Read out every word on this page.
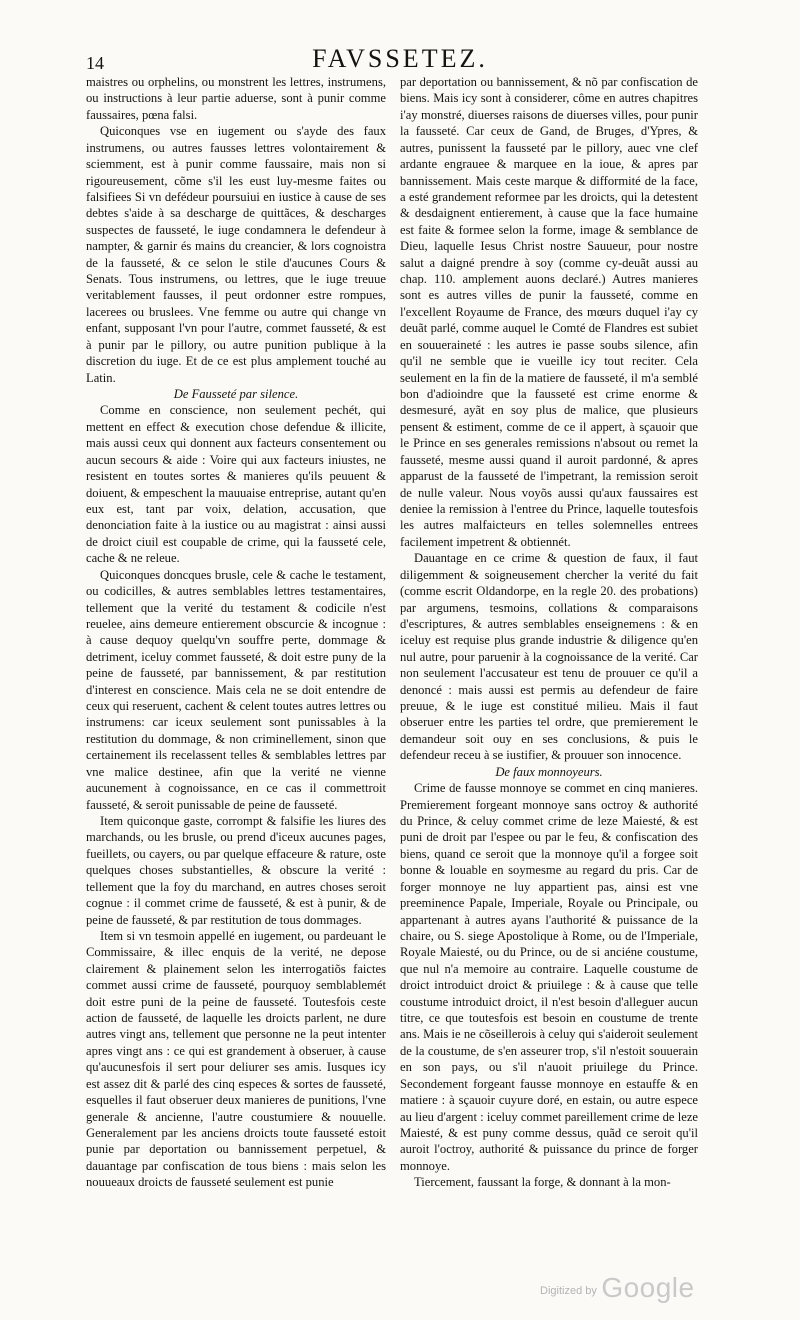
14	FAVSSETEZ.

maistres ou orphelins, ou monstrent les lettres, instrumens, ou instructions à leur partie aduerse, sont à punir comme faussaires, pœna falsi.

Quiconques vse en iugement ou s'ayde des faux instrumens, ou autres fausses lettres volontairement & sciemment, est à punir comme faussaire, mais non si rigoureusement, cõme s'il les eust luy-mesme faites ou falsifiees Si vn defédeur poursuiui en iustice à cause de ses debtes s'aide à sa descharge de quittãces, & descharges suspectes de fausseté, le iuge condamnera le defendeur à nampter, & garnir és mains du creancier, & lors cognoistra de la fausseté, & ce selon le stile d'aucunes Cours & Senats. Tous instrumens, ou lettres, que le iuge treuue veritablement fausses, il peut ordonner estre rompues, lacerees ou bruslees. Vne femme ou autre qui change vn enfant, supposant l'vn pour l'autre, commet fausseté, & est à punir par le pillory, ou autre punition publique à la discretion du iuge. Et de ce est plus amplement touché au Latin.

De Fausseté par silence.

Comme en conscience, non seulement pechét, qui mettent en effect & execution chose defendue & illicite, mais aussi ceux qui donnent aux facteurs consentement ou aucun secours & aide : Voire qui aux facteurs iniustes, ne resistent en toutes sortes & manieres qu'ils peuuent & doiuent, & empeschent la mauuaise entreprise, autant qu'en eux est, tant par voix, delation, accusation, que denonciation faite à la iustice ou au magistrat : ainsi aussi de droict ciuil est coupable de crime, qui la fausseté cele, cache & ne releue.

Quiconques doncques brusle, cele & cache le testament, ou codicilles, & autres semblables lettres testamentaires, tellement que la verité du testament & codicile n'est reuelee, ains demeure entierement obscurcie & incognue : à cause dequoy quelqu'vn souffre perte, dommage & detriment, iceluy commet fausseté, & doit estre puny de la peine de fausseté, par bannissement, & par restitution d'interest en conscience. Mais cela ne se doit entendre de ceux qui reseruent, cachent & celent toutes autres lettres ou instrumens: car iceux seulement sont punissables à la restitution du dommage, & non criminellement, sinon que certainement ils recelassent telles & semblables lettres par vne malice destinee, afin que la verité ne vienne aucunement à cognoissance, en ce cas il commettroit fausseté, & seroit punissable de peine de fausseté.

Item quiconque gaste, corrompt & falsifie les liures des marchands, ou les brusle, ou prend d'iceux aucunes pages, fueillets, ou cayers, ou par quelque effaceure & rature, oste quelques choses substantielles, & obscure la verité : tellement que la foy du marchand, en autres choses seroit cognue : il commet crime de fausseté, & est à punir, & de peine de fausseté, & par restitution de tous dommages.

Item si vn tesmoin appellé en iugement, ou pardeuant le Commissaire, & illec enquis de la verité, ne depose clairement & plainement selon les interrogatiõs faictes commet aussi crime de fausseté, pourquoy semblablemét doit estre puni de la peine de fausseté. Toutesfois ceste action de fausseté, de laquelle les droicts parlent, ne dure autres vingt ans, tellement que personne ne la peut intenter apres vingt ans : ce qui est grandement à obseruer, à cause qu'aucunesfois il sert pour deliurer ses amis. Iusques icy est assez dit & parlé des cinq especes & sortes de fausseté, esquelles il faut obseruer deux manieres de punitions, l'vne generale & ancienne, l'autre coustumiere & nouuelle. Generalement par les anciens droicts toute fausseté estoit punie par deportation ou bannissement perpetuel, & dauantage par confiscation de tous biens : mais selon les nouueaux droicts de fausseté seulement est punie

par deportation ou bannissement, & nõ par confiscation de biens. Mais icy sont à considerer, côme en autres chapitres i'ay monstré, diuerses raisons de diuerses villes, pour punir la fausseté. Car ceux de Gand, de Bruges, d'Ypres, & autres, punissent la fausseté par le pillory, auec vne clef ardante engrauee & marquee en la ioue, & apres par bannissement. Mais ceste marque & difformité de la face, a esté grandement reformee par les droicts, qui la detestent & desdaignent entierement, à cause que la face humaine est faite & formee selon la forme, image & semblance de Dieu, laquelle Iesus Christ nostre Sauueur, pour nostre salut a daigné prendre à soy (comme cy-deuãt aussi au chap. 110. amplement auons declaré.) Autres manieres sont es autres villes de punir la fausseté, comme en l'excellent Royaume de France, des mœurs duquel i'ay cy deuãt parlé, comme auquel le Comté de Flandres est subiet en souueraineté : les autres ie passe soubs silence, afin qu'il ne semble que ie vueille icy tout reciter. Cela seulement en la fin de la matiere de fausseté, il m'a semblé bon d'adioindre que la fausseté est crime enorme & desmesuré, ayãt en soy plus de malice, que plusieurs pensent & estiment, comme de ce il appert, à sçauoir que le Prince en ses generales remissions n'absout ou remet la fausseté, mesme aussi quand il auroit pardonné, & apres apparust de la fausseté de l'impetrant, la remission seroit de nulle valeur. Nous voyõs aussi qu'aux faussaires est deniee la remission à l'entree du Prince, laquelle toutesfois les autres malfaicteurs en telles solemnelles entrees facilement impetrent & obtiennét.

Dauantage en ce crime & question de faux, il faut diligemment & soigneusement chercher la verité du fait (comme escrit Oldandorpe, en la regle 20. des probations) par argumens, tesmoins, collations & comparaisons d'escriptures, & autres semblables enseignemens : & en iceluy est requise plus grande industrie & diligence qu'en nul autre, pour paruenir à la cognoissance de la verité. Car non seulement l'accusateur est tenu de prouuer ce qu'il a denoncé : mais aussi est permis au defendeur de faire preuue, & le iuge est constitué milieu. Mais il faut obseruer entre les parties tel ordre, que premierement le demandeur soit ouy en ses conclusions, & puis le defendeur receu à se iustifier, & prouuer son innocence.

De faux monnoyeurs.

Crime de fausse monnoye se commet en cinq manieres. Premierement forgeant monnoye sans octroy & authorité du Prince, & celuy commet crime de leze Maiesté, & est puni de droit par l'espee ou par le feu, & confiscation des biens, quand ce seroit que la monnoye qu'il a forgee soit bonne & louable en soymesme au regard du pris. Car de forger monnoye ne luy appartient pas, ainsi est vne preeminence Papale, Imperiale, Royale ou Principale, ou appartenant à autres ayans l'authorité & puissance de la chaire, ou S. siege Apostolique à Rome, ou de l'Imperiale, Royale Maiesté, ou du Prince, ou de si anciéne coustume, que nul n'a memoire au contraire. Laquelle coustume de droict introduict droict & priuilege : & à cause que telle coustume introduict droict, il n'est besoin d'alleguer aucun titre, ce que toutesfois est besoin en coustume de trente ans. Mais ie ne cõseillerois à celuy qui s'aideroit seulement de la coustume, de s'en asseurer trop, s'il n'estoit souuerain en son pays, ou s'il n'auoit priuilege du Prince. Secondement forgeant fausse monnoye en estauffe & en matiere : à sçauoir cuyure doré, en estain, ou autre espece au lieu d'argent : iceluy commet pareillement crime de leze Maiesté, & est puny comme dessus, quãd ce seroit qu'il auroit l'octroy, authorité & puissance du prince de forger monnoye.

Tiercement, faussant la forge, & donnant à la mon-

Digitized by Google
